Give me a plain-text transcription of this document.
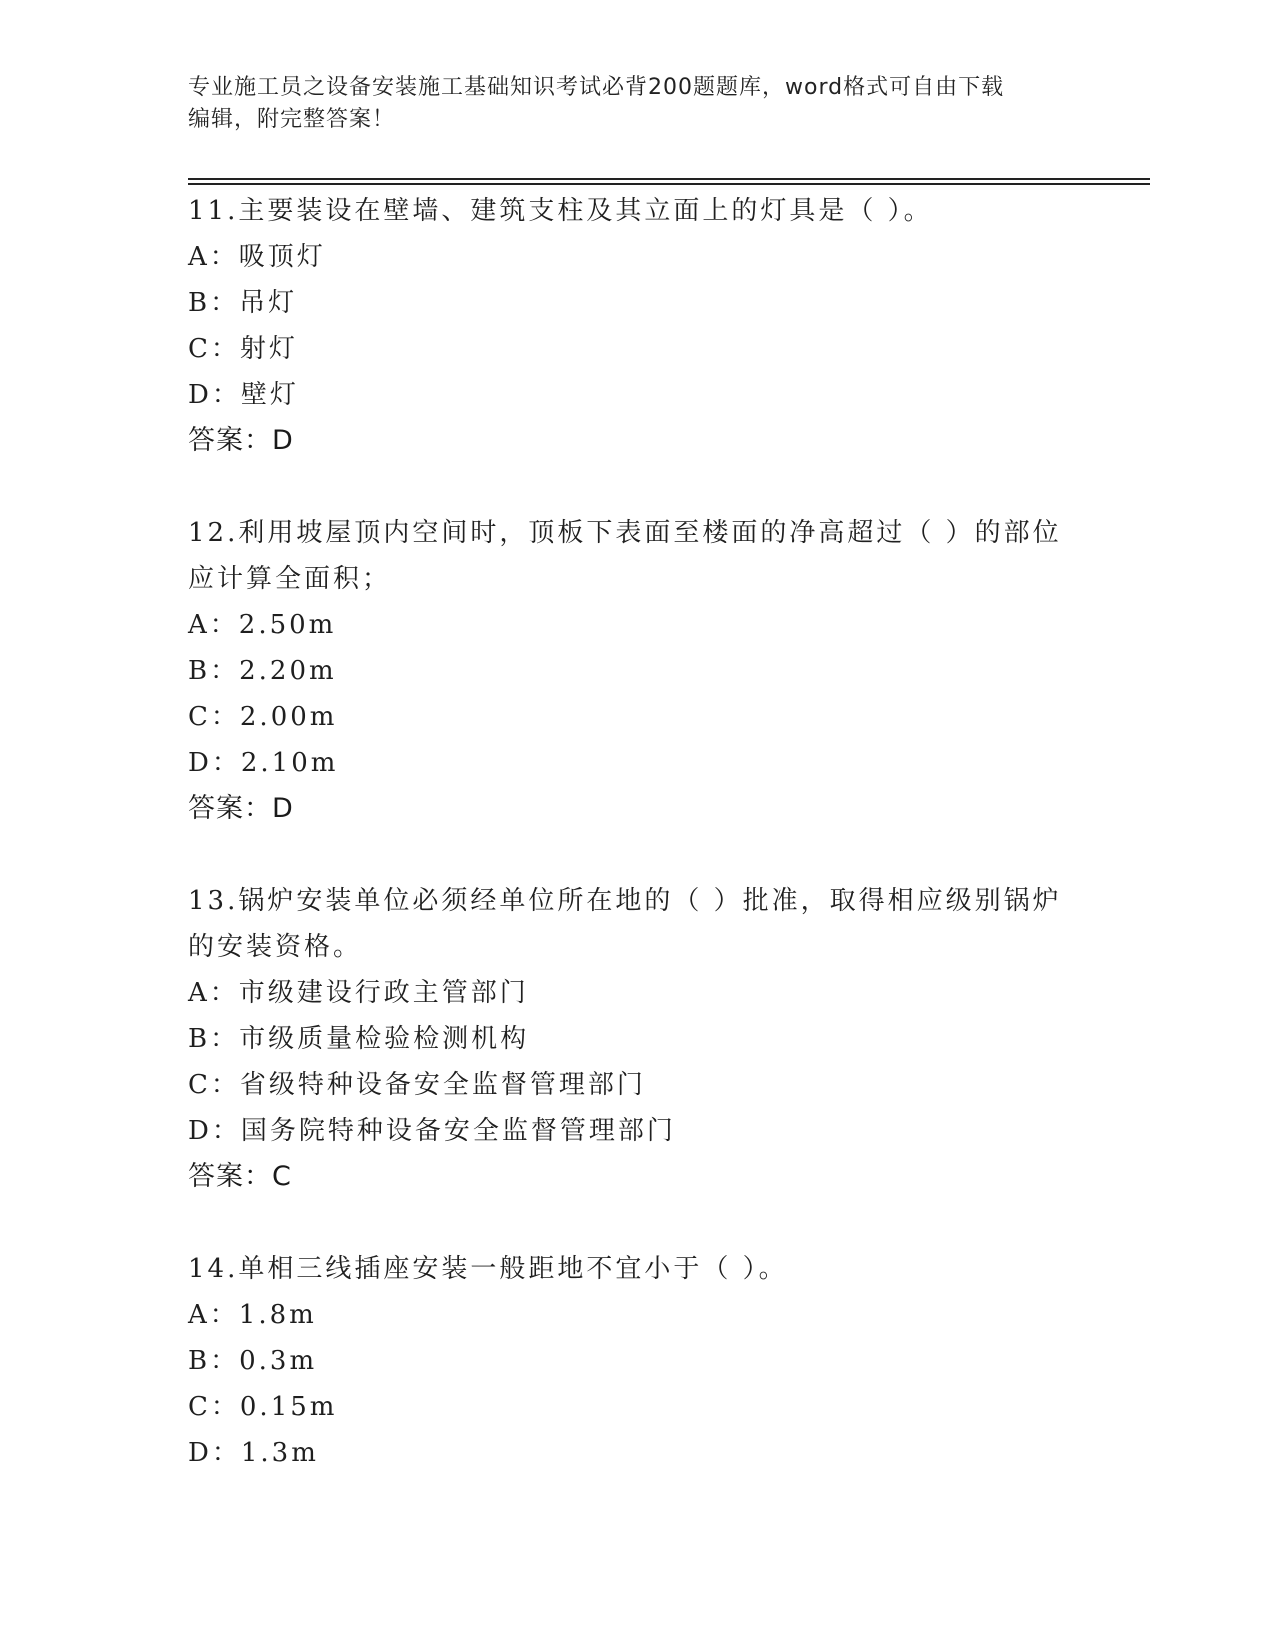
专业施工员之设备安装施工基础知识考试必背200题题库，word格式可自由下载
编辑，附完整答案！
11.主要装设在壁墙、建筑支柱及其立面上的灯具是（ ）。
A：吸顶灯
B：吊灯
C：射灯
D：壁灯
答案：D
12.利用坡屋顶内空间时，顶板下表面至楼面的净高超过（ ）的部位
应计算全面积；
A：2.50m
B：2.20m
C：2.00m
D：2.10m
答案：D
13.锅炉安装单位必须经单位所在地的（ ）批准，取得相应级别锅炉
的安装资格。
A：市级建设行政主管部门
B：市级质量检验检测机构
C：省级特种设备安全监督管理部门
D：国务院特种设备安全监督管理部门
答案：C
14.单相三线插座安装一般距地不宜小于（ ）。
A：1.8m
B：0.3m
C：0.15m
D：1.3m
